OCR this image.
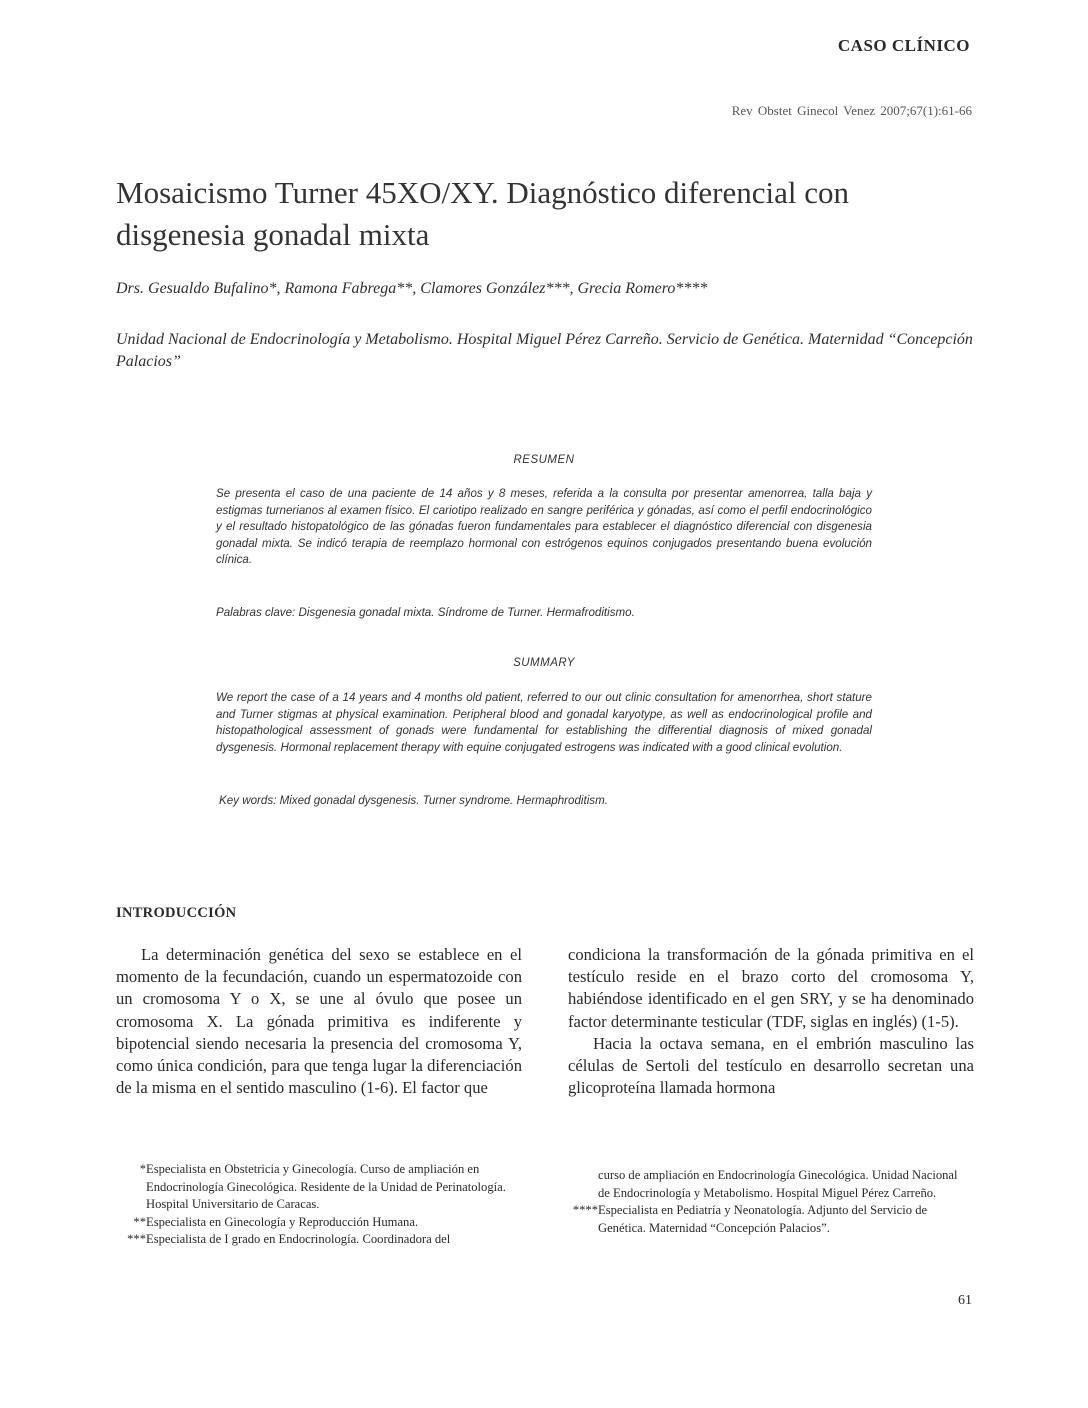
CASO CLÍNICO
Rev Obstet Ginecol Venez 2007;67(1):61-66
Mosaicismo Turner 45XO/XY. Diagnóstico diferencial con disgenesia gonadal mixta
Drs. Gesualdo Bufalino*, Ramona Fabrega**, Clamores González***, Grecia Romero****
Unidad Nacional de Endocrinología y Metabolismo. Hospital Miguel Pérez Carreño. Servicio de Genética. Maternidad “Concepción Palacios”
RESUMEN

Se presenta el caso de una paciente de 14 años y 8 meses, referida a la consulta por presentar amenorrea, talla baja y estigmas turnerianos al examen físico. El cariotipo realizado en sangre periférica y gónadas, así como el perfil endocrinológico y el resultado histopatológico de las gónadas fueron fundamentales para establecer el diagnóstico diferencial con disgenesia gonadal mixta. Se indicó terapia de reemplazo hormonal con estrógenos equinos conjugados presentando buena evolución clínica.

Palabras clave: Disgenesia gonadal mixta. Síndrome de Turner. Hermafroditismo.

SUMMARY

We report the case of a 14 years and 4 months old patient, referred to our out clinic consultation for amenorrhea, short stature and Turner stigmas at physical examination. Peripheral blood and gonadal karyotype, as well as endocrinological profile and histopathological assessment of gonads were fundamental for establishing the differential diagnosis of mixed gonadal dysgenesis. Hormonal replacement therapy with equine conjugated estrogens was indicated with a good clinical evolution.

Key words: Mixed gonadal dysgenesis. Turner syndrome. Hermaphroditism.

INTRODUCCIÓN

La determinación genética del sexo se establece en el momento de la fecundación, cuando un espermatozoide con un cromosoma Y o X, se une al óvulo que posee un cromosoma X. La gónada primitiva es indiferente y bipotencial siendo necesaria la presencia del cromosoma Y, como única condición, para que tenga lugar la diferenciación de la misma en el sentido masculino (1-6). El factor que

condiciona la transformación de la gónada primitiva en el testículo reside en el brazo corto del cromosoma Y, habiéndose identificado en el gen SRY, y se ha denominado factor determinante testicular (TDF, siglas en inglés) (1-5).

Hacia la octava semana, en el embrión masculino las células de Sertoli del testículo en desarrollo secretan una glicoproteína llamada hormona

*Especialista en Obstetricia y Ginecología. Curso de ampliación en Endocrinología Ginecológica. Residente de la Unidad de Perinatología. Hospital Universitario de Caracas.

**Especialista en Ginecología y Reproducción Humana.

***Especialista de I grado en Endocrinología. Coordinadora del

curso de ampliación en Endocrinología Ginecológica. Unidad Nacional de Endocrinología y Metabolismo. Hospital Miguel Pérez Carreño.

****Especialista en Pediatría y Neonatología. Adjunto del Servicio de Genética. Maternidad “Concepción Palacios”.

61
